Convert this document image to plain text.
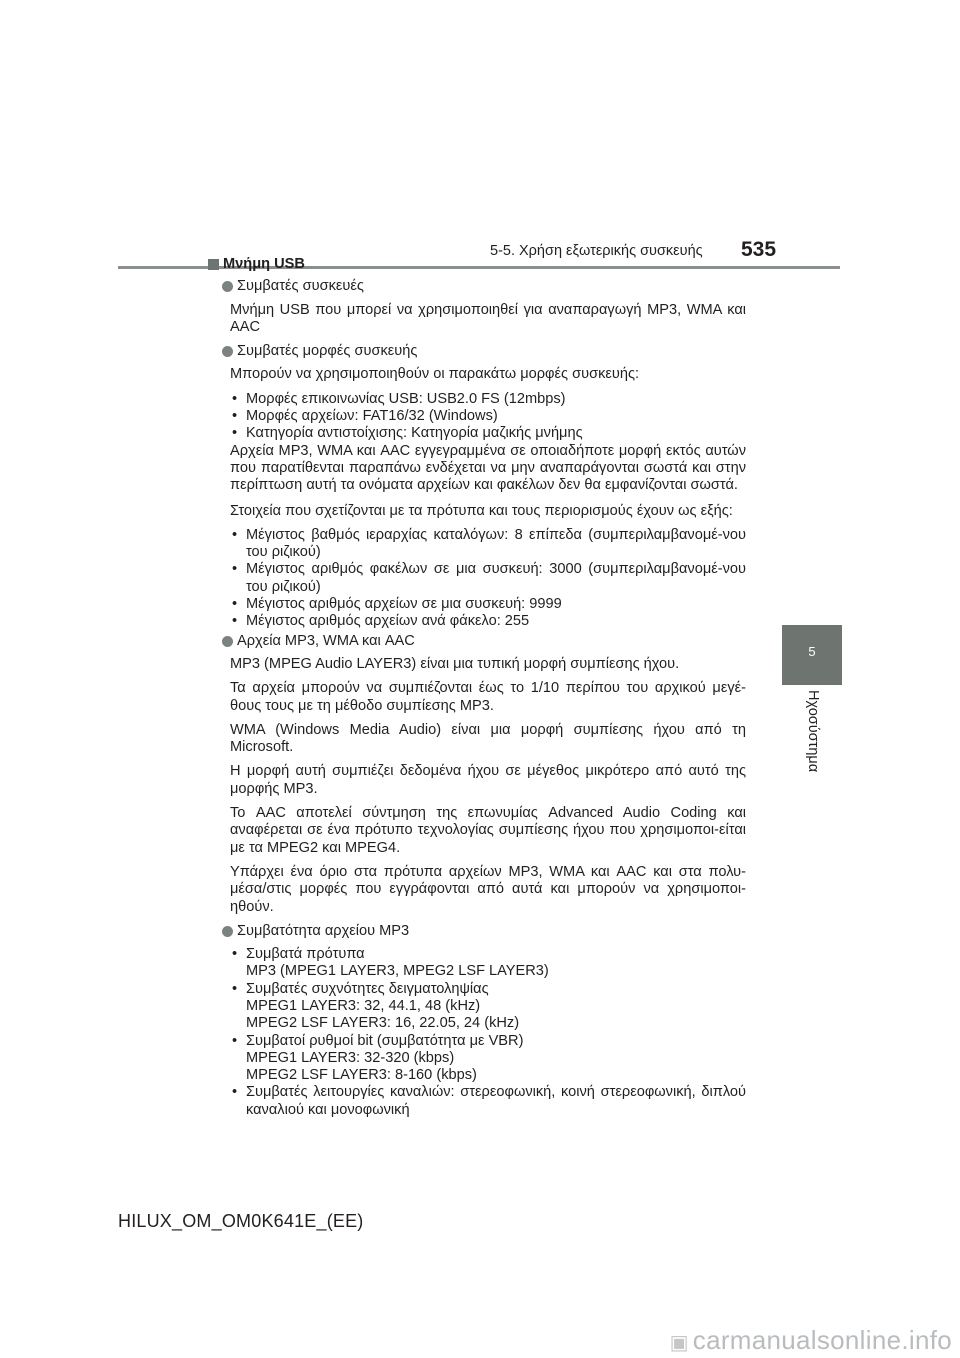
5-5. Χρήση εξωτερικής συσκευής 535
5
Ηχοσύστημα
Μνήμη USB
Συμβατές συσκευές
Μνήμη USB που μπορεί να χρησιμοποιηθεί για αναπαραγωγή MP3, WMA και AAC
Συμβατές μορφές συσκευής
Μπορούν να χρησιμοποιηθούν οι παρακάτω μορφές συσκευής:
• Μορφές επικοινωνίας USB: USB2.0 FS (12mbps)
• Μορφές αρχείων: FAT16/32 (Windows)
• Κατηγορία αντιστοίχισης: Κατηγορία μαζικής μνήμης
Αρχεία MP3, WMA και AAC εγγεγραμμένα σε οποιαδήποτε μορφή εκτός αυτών που παρατίθενται παραπάνω ενδέχεται να μην αναπαράγονται σωστά και στην περίπτωση αυτή τα ονόματα αρχείων και φακέλων δεν θα εμφανίζονται σωστά.
Στοιχεία που σχετίζονται με τα πρότυπα και τους περιορισμούς έχουν ως εξής:
• Μέγιστος βαθμός ιεραρχίας καταλόγων: 8 επίπεδα (συμπεριλαμβανομέ-νου του ριζικού)
• Μέγιστος αριθμός φακέλων σε μια συσκευή: 3000 (συμπεριλαμβανομέ-νου του ριζικού)
• Μέγιστος αριθμός αρχείων σε μια συσκευή: 9999
• Μέγιστος αριθμός αρχείων ανά φάκελο: 255
Αρχεία MP3, WMA και AAC
MP3 (MPEG Audio LAYER3) είναι μια τυπική μορφή συμπίεσης ήχου.
Τα αρχεία μπορούν να συμπιέζονται έως το 1/10 περίπου του αρχικού μεγέ-θους τους με τη μέθοδο συμπίεσης MP3.
WMA (Windows Media Audio) είναι μια μορφή συμπίεσης ήχου από τη Microsoft.
Η μορφή αυτή συμπιέζει δεδομένα ήχου σε μέγεθος μικρότερο από αυτό της μορφής MP3.
Το AAC αποτελεί σύντμηση της επωνυμίας Advanced Audio Coding και αναφέρεται σε ένα πρότυπο τεχνολογίας συμπίεσης ήχου που χρησιμοποι-είται με τα MPEG2 και MPEG4.
Υπάρχει ένα όριο στα πρότυπα αρχείων MP3, WMA και AAC και στα πολυ-μέσα/στις μορφές που εγγράφονται από αυτά και μπορούν να χρησιμοποι-ηθούν.
Συμβατότητα αρχείου MP3
• Συμβατά πρότυπα
MP3 (MPEG1 LAYER3, MPEG2 LSF LAYER3)
• Συμβατές συχνότητες δειγματοληψίας
MPEG1 LAYER3: 32, 44.1, 48 (kHz)
MPEG2 LSF LAYER3: 16, 22.05, 24 (kHz)
• Συμβατοί ρυθμοί bit (συμβατότητα με VBR)
MPEG1 LAYER3: 32-320 (kbps)
MPEG2 LSF LAYER3: 8-160 (kbps)
• Συμβατές λειτουργίες καναλιών: στερεοφωνική, κοινή στερεοφωνική, διπλού καναλιού και μονοφωνική
HILUX_OM_OM0K641E_(EE)
▣ carmanualsonline.info
